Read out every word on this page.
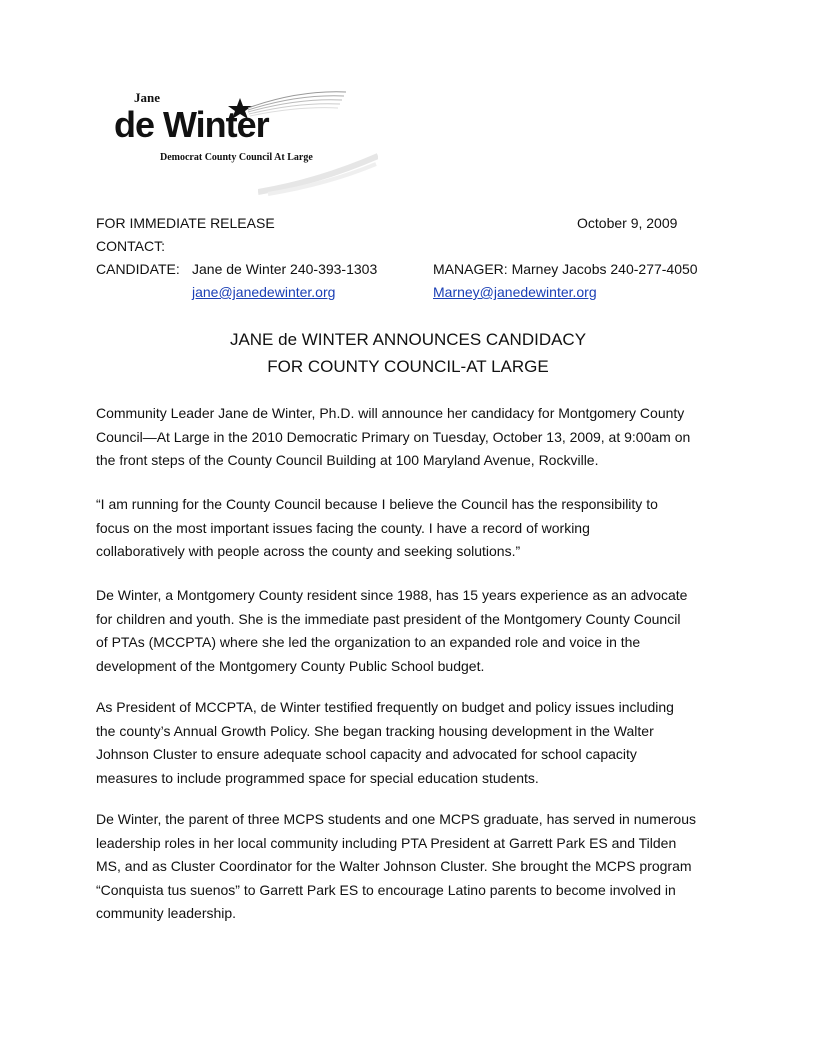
Jane
de Winter
Democrat County Council At Large
FOR IMMEDIATE RELEASE	October 9, 2009
CONTACT:
CANDIDATE: Jane de Winter 240-393-1303	MANAGER: Marney Jacobs 240-277-4050
jane@janedewinter.org	Marney@janedewinter.org
JANE de WINTER ANNOUNCES CANDIDACY
FOR COUNTY COUNCIL-AT LARGE
Community Leader Jane de Winter, Ph.D. will announce her candidacy for Montgomery County
Council—At Large in the 2010 Democratic Primary on Tuesday, October 13, 2009, at 9:00am on
the front steps of the County Council Building at 100 Maryland Avenue, Rockville.
“I am running for the County Council because I believe the Council has the responsibility to
focus on the most important issues facing the county. I have a record of working
collaboratively with people across the county and seeking solutions.”
De Winter, a Montgomery County resident since 1988, has 15 years experience as an advocate
for children and youth. She is the immediate past president of the Montgomery County Council
of PTAs (MCCPTA) where she led the organization to an expanded role and voice in the
development of the Montgomery County Public School budget.
As President of MCCPTA, de Winter testified frequently on budget and policy issues including
the county’s Annual Growth Policy. She began tracking housing development in the Walter
Johnson Cluster to ensure adequate school capacity and advocated for school capacity
measures to include programmed space for special education students.
De Winter, the parent of three MCPS students and one MCPS graduate, has served in numerous
leadership roles in her local community including PTA President at Garrett Park ES and Tilden
MS, and as Cluster Coordinator for the Walter Johnson Cluster. She brought the MCPS program
“Conquista tus suenos” to Garrett Park ES to encourage Latino parents to become involved in
community leadership.
